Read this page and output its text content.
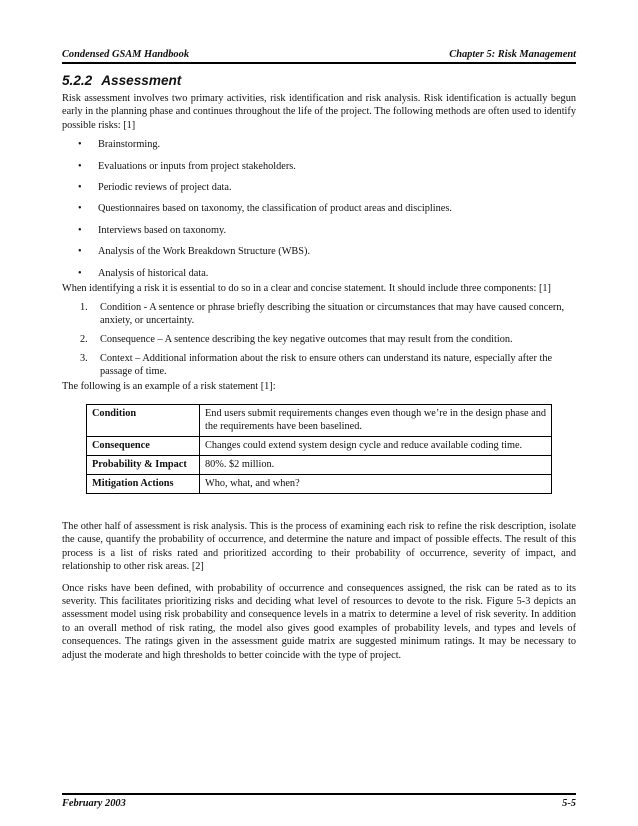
Condensed GSAM Handbook	Chapter 5: Risk Management
5.2.2 Assessment

Risk assessment involves two primary activities, risk identification and risk analysis. Risk identification is actually begun early in the planning phase and continues throughout the life of the project. The following methods are often used to identify possible risks: [1]

• Brainstorming.
• Evaluations or inputs from project stakeholders.
• Periodic reviews of project data.
• Questionnaires based on taxonomy, the classification of product areas and disciplines.
• Interviews based on taxonomy.
• Analysis of the Work Breakdown Structure (WBS).
• Analysis of historical data.

When identifying a risk it is essential to do so in a clear and concise statement. It should include three components: [1]

1. Condition - A sentence or phrase briefly describing the situation or circumstances that may have caused concern, anxiety, or uncertainty.
2. Consequence – A sentence describing the key negative outcomes that may result from the condition.
3. Context – Additional information about the risk to ensure others can understand its nature, especially after the passage of time.

The following is an example of a risk statement [1]:

Condition	End users submit requirements changes even though we’re in the design phase and the requirements have been baselined.
Consequence	Changes could extend system design cycle and reduce available coding time.
Probability & Impact	80%. $2 million.
Mitigation Actions	Who, what, and when?

The other half of assessment is risk analysis. This is the process of examining each risk to refine the risk description, isolate the cause, quantify the probability of occurrence, and determine the nature and impact of possible effects. The result of this process is a list of risks rated and prioritized according to their probability of occurrence, severity of impact, and relationship to other risk areas. [2]

Once risks have been defined, with probability of occurrence and consequences assigned, the risk can be rated as to its severity. This facilitates prioritizing risks and deciding what level of resources to devote to the risk. Figure 5-3 depicts an assessment model using risk probability and consequence levels in a matrix to determine a level of risk severity. In addition to an overall method of risk rating, the model also gives good examples of probability levels, and types and levels of consequences. The ratings given in the assessment guide matrix are suggested minimum ratings. It may be necessary to adjust the moderate and high thresholds to better coincide with the type of project.

February 2003	5-5
